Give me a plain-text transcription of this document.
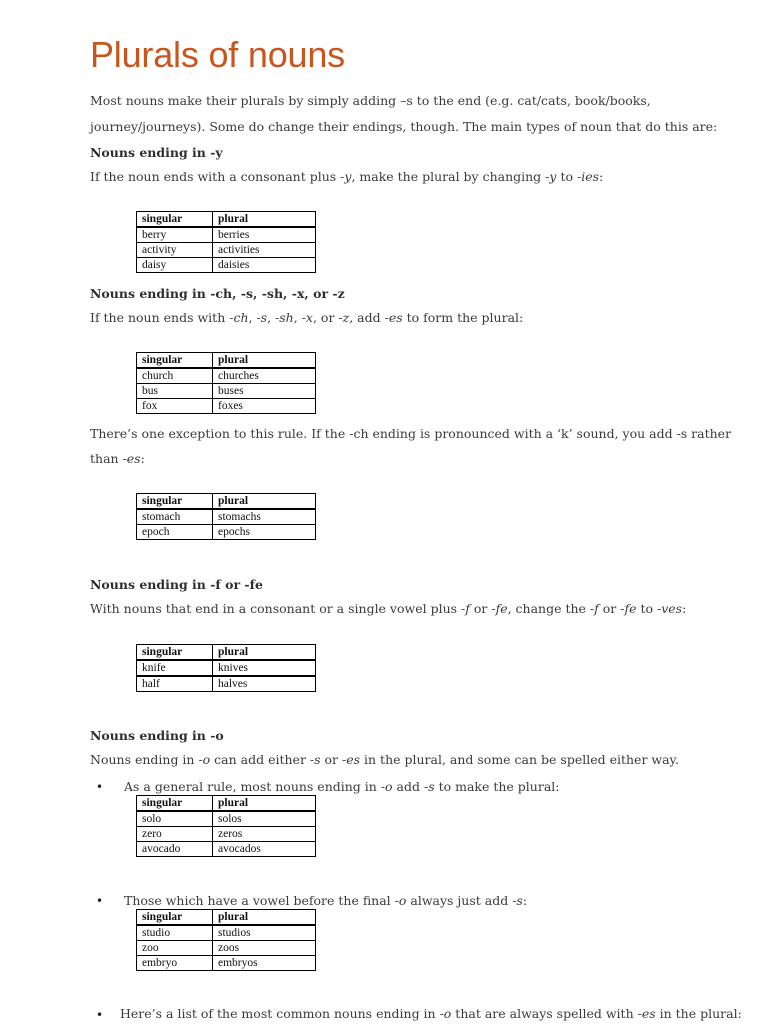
Plurals of nouns

Most nouns make their plurals by simply adding –s to the end (e.g. cat/cats, book/books,

journey/journeys). Some do change their endings, though. The main types of noun that do this are:

Nouns ending in -y

If the noun ends with a consonant plus -y, make the plural by changing -y to -ies:

singular	plural
berry	berries
activity	activities
daisy	daisies

Nouns ending in -ch, -s, -sh, -x, or -z

If the noun ends with -ch, -s, -sh, -x, or -z, add -es to form the plural:

singular	plural
church	churches
bus	buses
fox	foxes

There’s one exception to this rule. If the -ch ending is pronounced with a ‘k’ sound, you add -s rather

than -es:

singular	plural
stomach	stomachs
epoch	epochs

Nouns ending in -f or -fe

With nouns that end in a consonant or a single vowel plus -f or -fe, change the -f or -fe to -ves:

singular	plural
knife	knives
half	halves

Nouns ending in -o

Nouns ending in -o can add either -s or -es in the plural, and some can be spelled either way.

• As a general rule, most nouns ending in -o add -s to make the plural:

singular	plural
solo	solos
zero	zeros
avocado	avocados
• Those which have a vowel before the final -o always just add -s:

singular	plural
studio	studios
zoo	zoos
embryo	embryos
• Here’s a list of the most common nouns ending in -o that are always spelled with -es in the plural:
